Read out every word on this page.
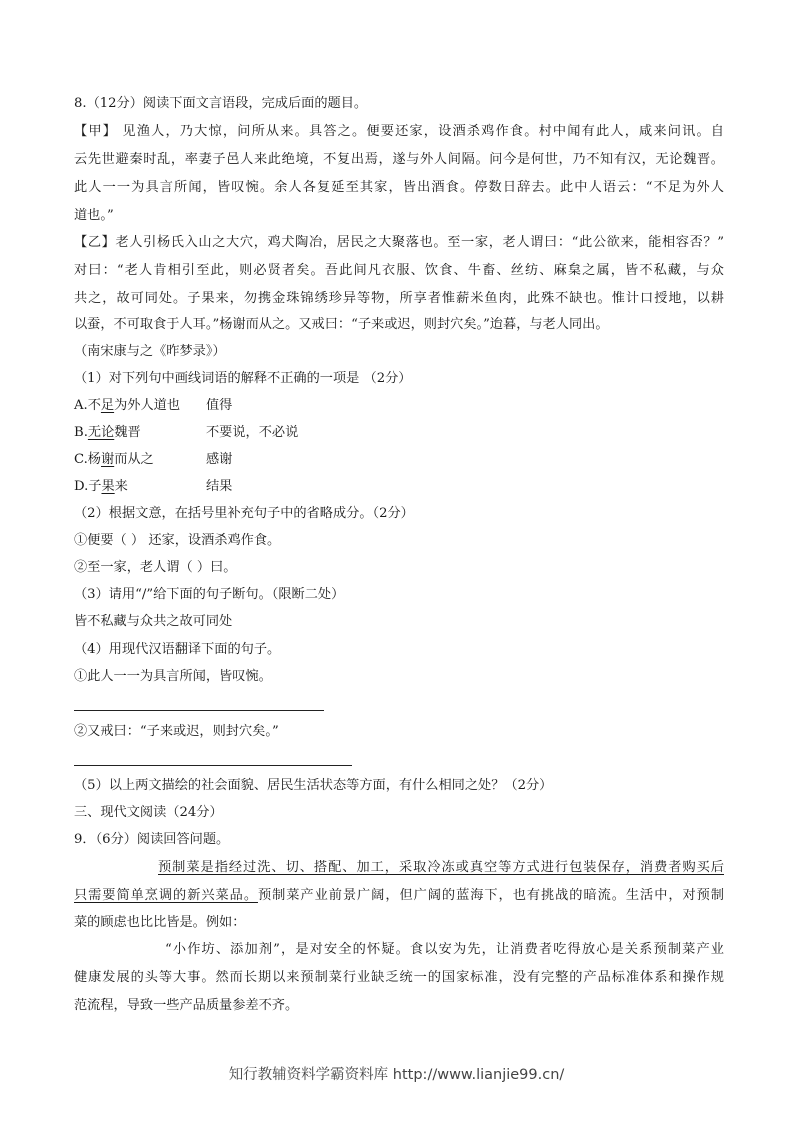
8.（12分）阅读下面文言语段，完成后面的题目。
【甲】 见渔人，乃大惊，问所从来。具答之。便要还家，设酒杀鸡作食。村中闻有此人，咸来问讯。自
云先世避秦时乱，率妻子邑人来此绝境，不复出焉，遂与外人间隔。问今是何世，乃不知有汉，无论魏晋。
此人一一为具言所闻，皆叹惋。余人各复延至其家，皆出酒食。停数日辞去。此中人语云：“不足为外人
道也。”
【乙】老人引杨氏入山之大穴，鸡犬陶冶，居民之大聚落也。至一家，老人谓曰：“此公欲来，能相容否？”
对曰：“老人肯相引至此，则必贤者矣。吾此间凡衣服、饮食、牛畜、丝纺、麻枲之属，皆不私藏，与众
共之，故可同处。子果来，勿携金珠锦绣珍异等物，所享者惟薪米鱼肉，此殊不缺也。惟计口授地，以耕
以蚕，不可取食于人耳。”杨谢而从之。又戒曰：“子来或迟，则封穴矣。”迨暮，与老人同出。
（南宋康与之《昨梦录》）
（1）对下列句中画线词语的解释不正确的一项是 （2分）
A.不足为外人道也 值得
B.无论魏晋	不要说，不必说
C.杨谢而从之	感谢
D.子果来	结果
（2）根据文意，在括号里补充句子中的省略成分。（2分）
①便要（ ） 还家，设酒杀鸡作食。
②至一家，老人谓（ ）曰。
（3）请用“/”给下面的句子断句。（限断二处）
皆不私藏与众共之故可同处
（4）用现代汉语翻译下面的句子。
①此人一一为具言所闻，皆叹惋。
②又戒曰：“子来或迟，则封穴矣。”
（5）以上两文描绘的社会面貌、居民生活状态等方面，有什么相同之处？（2分）
三、现代文阅读（24分）
9．（6分）阅读回答问题。
预制菜是指经过洗、切、搭配、加工，采取冷冻或真空等方式进行包装保存，消费者购买后
只需要简单烹调的新兴菜品。预制菜产业前景广阔，但广阔的蓝海下，也有挑战的暗流。生活中，对预制
菜的顾虑也比比皆是。例如：
“小作坊、添加剂”，是对安全的怀疑。食以安为先，让消费者吃得放心是关系预制菜产业
健康发展的头等大事。然而长期以来预制菜行业缺乏统一的国家标准，没有完整的产品标准体系和操作规
范流程，导致一些产品质量参差不齐。
知行教辅资料学霸资料库 http://www.lianjie99.cn/
